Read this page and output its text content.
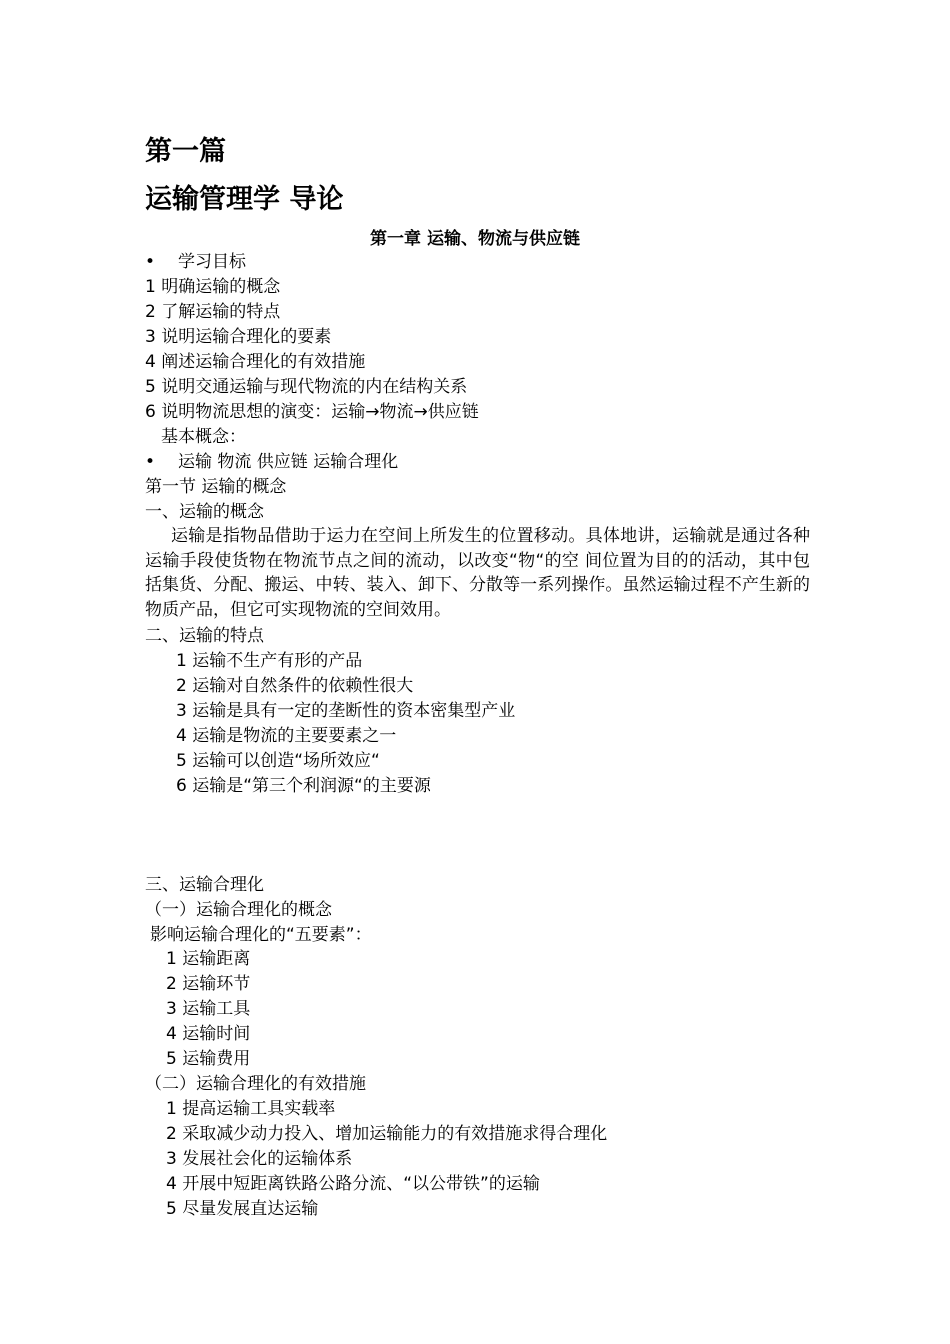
第一篇
运输管理学 导论
第一章 运输、物流与供应链
• 学习目标
1 明确运输的概念
2 了解运输的特点
3 说明运输合理化的要素
4 阐述运输合理化的有效措施
5 说明交通运输与现代物流的内在结构关系
6 说明物流思想的演变：运输→物流→供应链
基本概念：
• 运输 物流 供应链 运输合理化
第一节 运输的概念
一、运输的概念
运输是指物品借助于运力在空间上所发生的位置移动。具体地讲，运输就是通过各种运输手段使货物在物流节点之间的流动，以改变“物“的空 间位置为目的的活动，其中包括集货、分配、搬运、中转、装入、卸下、分散等一系列操作。虽然运输过程不产生新的物质产品，但它可实现物流的空间效用。
二、运输的特点
1 运输不生产有形的产品
2 运输对自然条件的依赖性很大
3 运输是具有一定的垄断性的资本密集型产业
4 运输是物流的主要要素之一
5 运输可以创造“场所效应“
6 运输是“第三个利润源“的主要源
三、运输合理化
（一）运输合理化的概念
影响运输合理化的“五要素”：
1 运输距离
2 运输环节
3 运输工具
4 运输时间
5 运输费用
（二）运输合理化的有效措施
1 提高运输工具实载率
2 采取减少动力投入、增加运输能力的有效措施求得合理化
3 发展社会化的运输体系
4 开展中短距离铁路公路分流、“以公带铁”的运输
5 尽量发展直达运输
